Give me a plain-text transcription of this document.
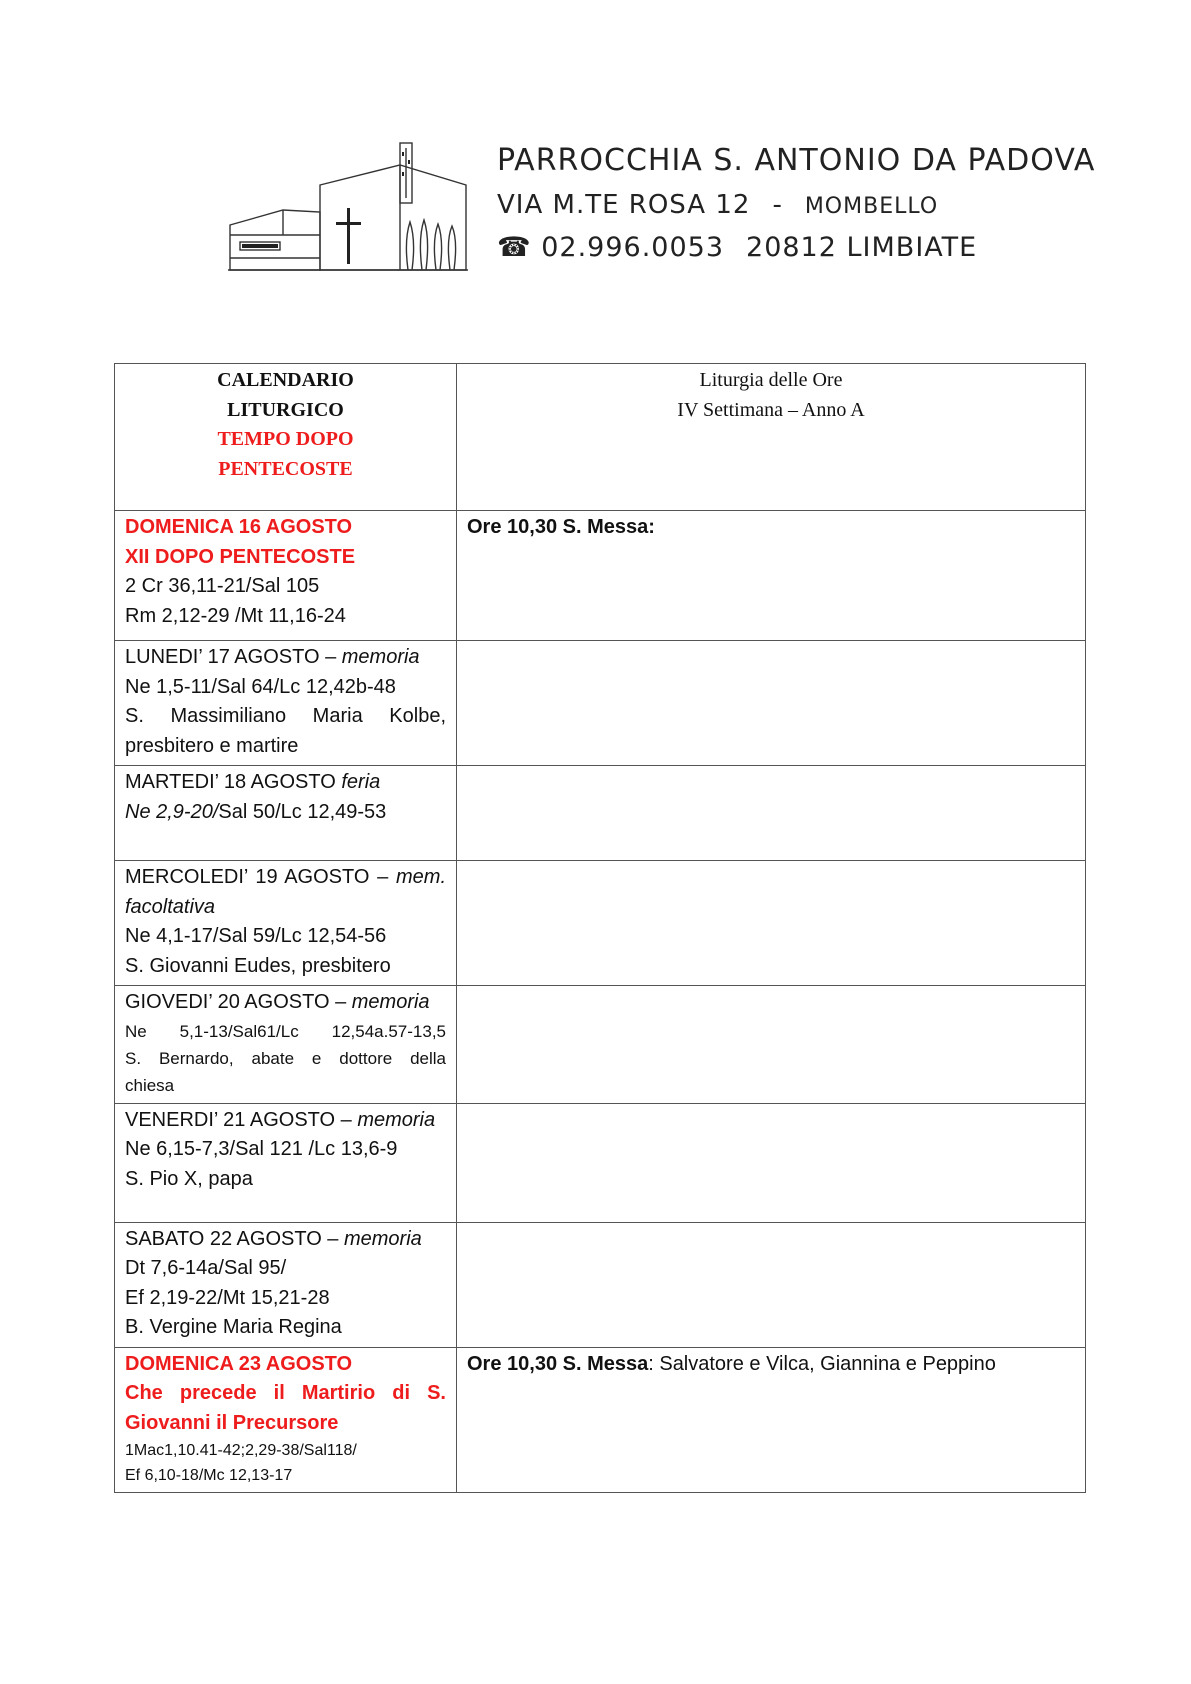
PARROCCHIA S. ANTONIO DA PADOVA
VIA M.TE ROSA 12 - MOMBELLO
☎ 02.996.0053 20812 LIMBIATE
CALENDARIO
LITURGICO
TEMPO DOPO
PENTECOSTE	Liturgia delle Ore
IV Settimana – Anno A

DOMENICA 16 AGOSTO
XII DOPO PENTECOSTE
2 Cr 36,11-21/Sal 105
Rm 2,12-29 /Mt 11,16-24	Ore 10,30 S. Messa:

LUNEDI’ 17 AGOSTO – memoria
Ne 1,5-11/Sal 64/Lc 12,42b-48
S. Massimiliano Maria Kolbe,
presbitero e martire	

MARTEDI’ 18 AGOSTO feria
Ne 2,9-20/Sal 50/Lc 12,49-53	

MERCOLEDI’ 19 AGOSTO – mem.
facoltativa
Ne 4,1-17/Sal 59/Lc 12,54-56
S. Giovanni Eudes, presbitero	

GIOVEDI’ 20 AGOSTO – memoria
Ne 5,1-13/Sal61/Lc 12,54a.57-13,5
S. Bernardo, abate e dottore della
chiesa	

VENERDI’ 21 AGOSTO – memoria
Ne 6,15-7,3/Sal 121 /Lc 13,6-9
S. Pio X, papa	

SABATO 22 AGOSTO – memoria
Dt 7,6-14a/Sal 95/
Ef 2,19-22/Mt 15,21-28
B. Vergine Maria Regina	

DOMENICA 23 AGOSTO
Che precede il Martirio di S.
Giovanni il Precursore
1Mac1,10.41-42;2,29-38/Sal118/
Ef 6,10-18/Mc 12,13-17	Ore 10,30 S. Messa: Salvatore e Vilca, Giannina e Peppino
